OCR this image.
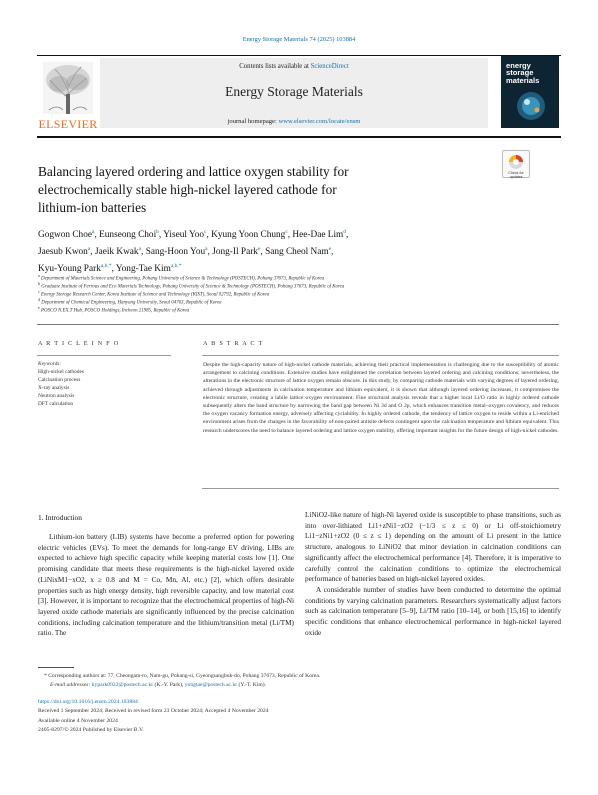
Energy Storage Materials 74 (2025) 103884
ELSEVIER
Contents lists available at ScienceDirect
Energy Storage Materials
journal homepage: www.elsevier.com/locate/ensm
energy
storage
materials
Check for updates
Balancing layered ordering and lattice oxygen stability for
electrochemically stable high-nickel layered cathode for
lithium-ion batteries
Gogwon Choe$^a$, Eunseong Choi$^b$, Yiseul Yoo$^c$, Kyung Yoon Chung$^c$, Hee-Dae Lim$^d$,
Jaesub Kwon$^a$, Jaeik Kwak$^a$, Sang-Hoon You$^a$, Jong-Il Park$^e$, Sang Cheol Nam$^e$,
Kyu-Young Park$^{a,b,*}$, Yong-Tae Kim$^{a,b,*}$
$^a$ Department of Materials Science and Engineering, Pohang University of Science & Technology (POSTECH), Pohang 37673, Republic of Korea
$^b$ Graduate Institute of Ferrous and Eco Materials Technology, Pohang University of Science & Technology (POSTECH), Pohang 37673, Republic of Korea
$^c$ Energy Storage Research Center, Korea Institute of Science and Technology (KIST), Seoul 02792, Republic of Korea
$^d$ Department of Chemical Engineering, Hanyang University, Seoul 04763, Republic of Korea
$^e$ POSCO N.EX.T Hub, POSCO Holdings, Incheon 21985, Republic of Korea
A R T I C L E I N F O
Keywords:
High-nickel cathodes
Calcination process
X-ray analysis
Neutron analysis
DFT calculation
A B S T R A C T
Despite the high-capacity nature of high-nickel cathode materials, achieving their practical implementation is challenging due to the susceptibility of atomic arrangement to calcining conditions. Extensive studies have enlightened the correlation between layered ordering and calcining conditions; nevertheless, the alterations in the electronic structure of lattice oxygen remain obscure. In this study, by comparing cathode materials with varying degrees of layered ordering, achieved through adjustments in calcination temperature and lithium equivalent, it is shown that although layered ordering increases, it compromises the electronic structure, creating a labile lattice oxygen environment. Fine structural analysis reveals that a higher local Li/O ratio in highly ordered cathode subsequently alters the band structure by narrowing the band gap between Ni 3d and O 2p, which enhances transition metal–oxygen covalency, and reduces the oxygen vacancy formation energy, adversely affecting cyclability. In highly ordered cathode, the tendency of lattice oxygen to reside within a Li-enriched environment arises from the changes in the favorability of non-paired antisite defects contingent upon the calcination temperature and lithium equivalent. This research underscores the need to balance layered ordering and lattice oxygen stability, offering important insights for the future design of high-nickel cathodes.
1. Introduction

Lithium-ion battery (LIB) systems have become a preferred option for powering electric vehicles (EVs). To meet the demands for long-range EV driving, LIBs are expected to achieve high specific capacity while keeping material costs low [1]. One promising candidate that meets these requirements is the high-nickel layered oxide (LiNixM1−xO2, x ≥ 0.8 and M = Co, Mn, Al, etc.) [2], which offers desirable properties such as high energy density, high reversible capacity, and low material cost [3]. However, it is important to recognize that the electrochemical properties of high-Ni layered oxide cathode materials are significantly influenced by the precise calcination conditions, including calcination temperature and the lithium/transition metal (Li/TM) ratio. The

LiNiO2-like nature of high-Ni layered oxide is susceptible to phase transitions, such as into over-lithiated Li1+zNi1−zO2 (−1/3 ≤ z ≤ 0) or Li off-stoichiometry Li1−zNi1+zO2 (0 ≤ z ≤ 1) depending on the amount of Li present in the lattice structure, analogous to LiNiO2 that minor deviation in calcination conditions can significantly affect the electrochemical performance [4]. Therefore, it is imperative to carefully control the calcination conditions to optimize the electrochemical performance of batteries based on high-nickel layered oxides.

A considerable number of studies have been conducted to determine the optimal conditions by varying calcination parameters. Researchers systematically adjust factors such as calcination temperature [5–9], Li/TM ratio [10–14], or both [15,16] to identify specific conditions that enhance electrochemical performance in high-nickel layered oxide

* Corresponding authors at: 77, Cheongam-ro, Nam-gu, Pohang-si, Gyeongsangbuk-do, Pohang 37673, Republic of Korea.
E-mail addresses: kypark0922@postech.ac.kr (K.-Y. Park), yongtae@postech.ac.kr (Y.-T. Kim).
https://doi.org/10.1016/j.ensm.2024.103884
Received 1 September 2024; Received in revised form 23 October 2024; Accepted 4 November 2024
Available online 4 November 2024
2405-8297/© 2024 Published by Elsevier B.V.
